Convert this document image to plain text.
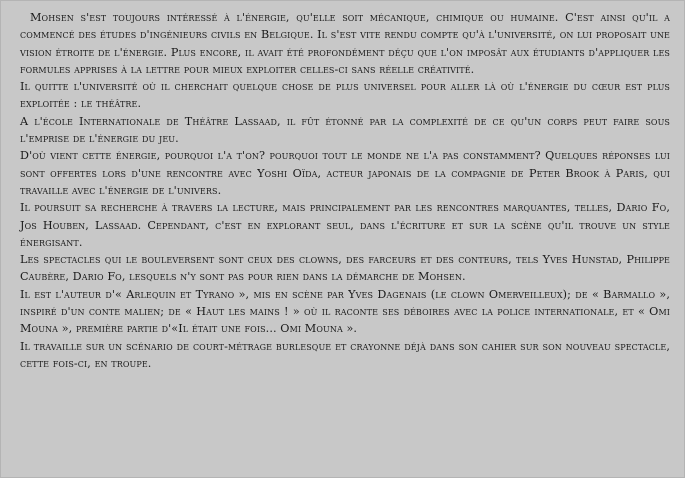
Mohsen s'est toujours intéressé à l'énergie, qu'elle soit mécanique, chimique ou humaine. C'est ainsi qu'il a commencé des études d'ingénieurs civils en Belgique. Il s'est vite rendu compte qu'à l'université, on lui proposait une vision étroite de l'énergie. Plus encore, il avait été profondément déçu que l'on imposât aux étudiants d'appliquer les formules apprises à la lettre pour mieux exploiter celles-ci sans réelle créativité.

Il quitte l'université où il cherchait quelque chose de plus universel pour aller là où l'énergie du cœur est plus exploitée : le théâtre.

A l'école Internationale de Théâtre Lassaad, il fût étonné par la complexité de ce qu'un corps peut faire sous l'emprise de l'énergie du jeu.

D'où vient cette énergie, pourquoi l'a t'on? pourquoi tout le monde ne l'a pas constamment? Quelques réponses lui sont offertes lors d'une rencontre avec Yoshi Oïda, acteur japonais de la compagnie de Peter Brook à Paris, qui travaille avec l'énergie de l'univers.

Il poursuit sa recherche à travers la lecture, mais principalement par les rencontres marquantes, telles, Dario Fo, Jos Houben, Lassaad. Cependant, c'est en explorant seul, dans l'écriture et sur la scène qu'il trouve un style énergisant.

Les spectacles qui le bouleversent sont ceux des clowns, des farceurs et des conteurs, tels Yves Hunstad, Philippe Caubère, Dario Fo, lesquels n'y sont pas pour rien dans la démarche de Mohsen.

Il est l'auteur d'« Arlequin et Tyrano », mis en scène par Yves Dagenais (le clown Omerveilleux); de « Barmallo », inspiré d'un conte malien; de « Haut les mains ! » où il raconte ses déboires avec la police internationale, et « Omi Mouna », première partie d'«Il était une fois... Omi Mouna ».

Il travaille sur un scénario de court-métrage burlesque et crayonne déjà dans son cahier sur son nouveau spectacle, cette fois-ci, en troupe.
